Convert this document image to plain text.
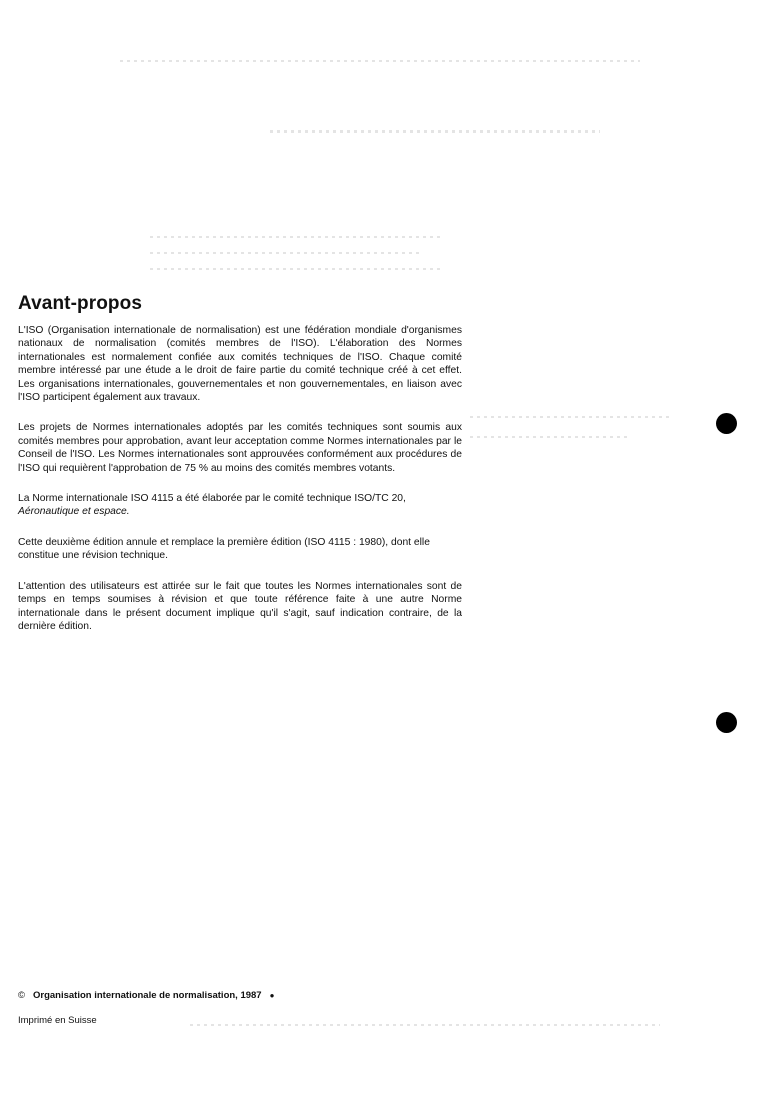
Avant-propos

L'ISO (Organisation internationale de normalisation) est une fédération mondiale d'organismes nationaux de normalisation (comités membres de l'ISO). L'élaboration des Normes internationales est normalement confiée aux comités techniques de l'ISO. Chaque comité membre intéressé par une étude a le droit de faire partie du comité technique créé à cet effet. Les organisations internationales, gouvernementales et non gouvernementales, en liaison avec l'ISO participent également aux travaux.

Les projets de Normes internationales adoptés par les comités techniques sont soumis aux comités membres pour approbation, avant leur acceptation comme Normes internationales par le Conseil de l'ISO. Les Normes internationales sont approuvées conformément aux procédures de l'ISO qui requièrent l'approbation de 75 % au moins des comités membres votants.

La Norme internationale ISO 4115 a été élaborée par le comité technique ISO/TC 20,
Aéronautique et espace.

Cette deuxième édition annule et remplace la première édition (ISO 4115 : 1980), dont elle constitue une révision technique.

L'attention des utilisateurs est attirée sur le fait que toutes les Normes internationales sont de temps en temps soumises à révision et que toute référence faite à une autre Norme internationale dans le présent document implique qu'il s'agit, sauf indication contraire, de la dernière édition.

© Organisation internationale de normalisation, 1987 ●
Imprimé en Suisse
